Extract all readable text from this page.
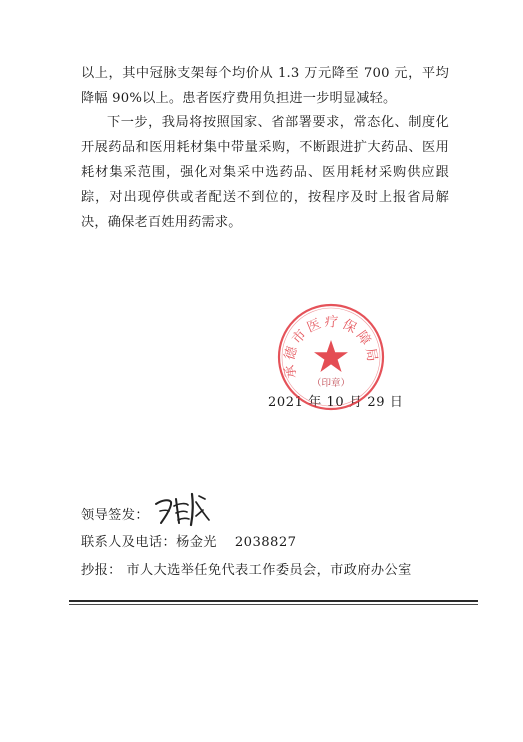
以上，其中冠脉支架每个均价从 1.3 万元降至 700 元，平均降幅 90%以上。患者医疗费用负担进一步明显减轻。

下一步，我局将按照国家、省部署要求，常态化、制度化开展药品和医用耗材集中带量采购，不断跟进扩大药品、医用耗材集采范围，强化对集采中选药品、医用耗材采购供应跟踪，对出现停供或者配送不到位的，按程序及时上报省局解决，确保老百姓用药需求。

2021 年 10 月 29 日
承德市医疗保障局
（印章）
领导签发：
联系人及电话：杨金光 2038827
抄报： 市人大选举任免代表工作委员会，市政府办公室
